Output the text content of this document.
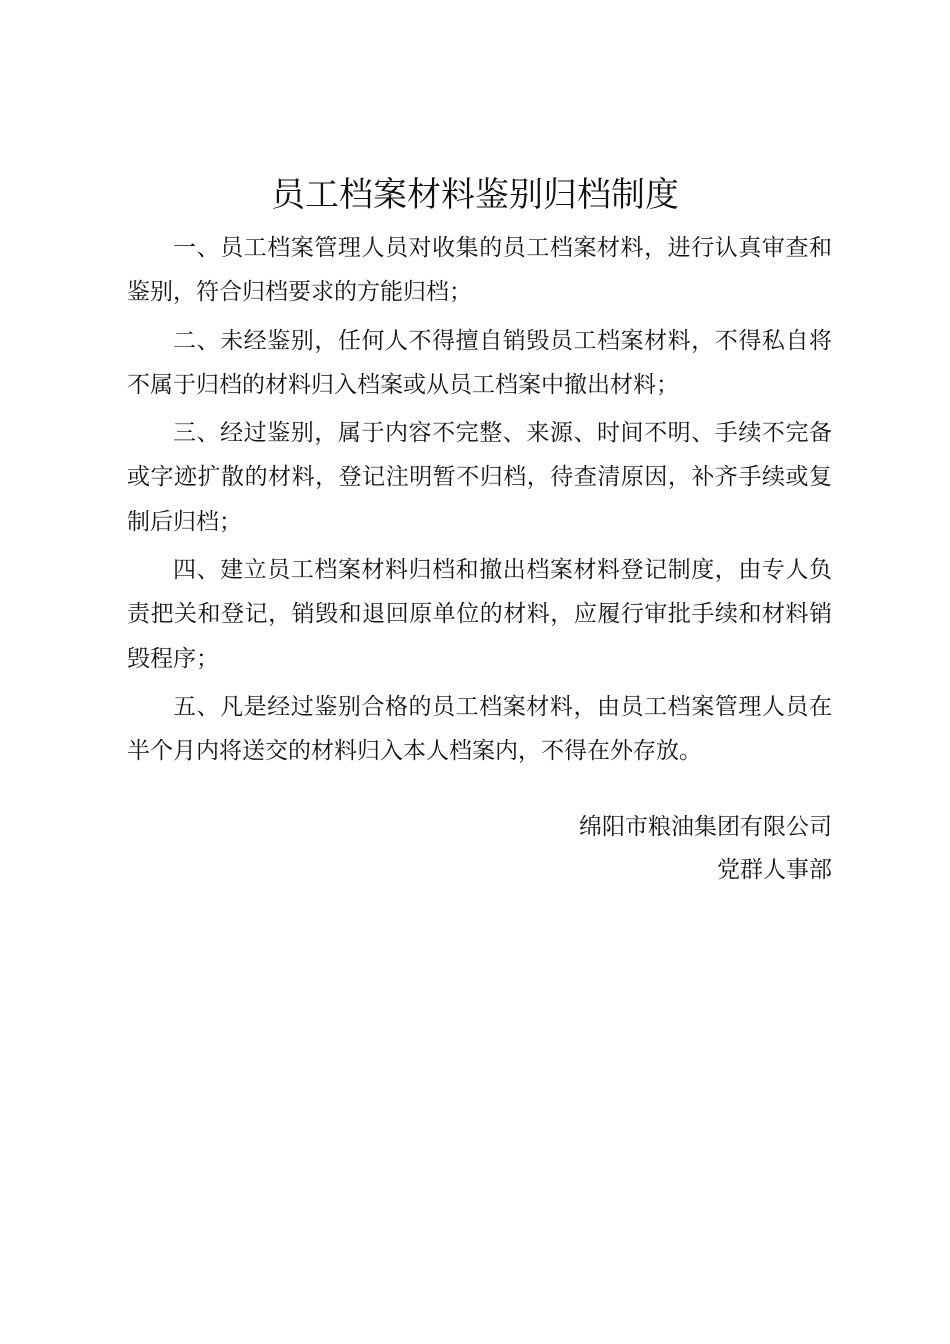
员工档案材料鉴别归档制度

一、员工档案管理人员对收集的员工档案材料，进行认真审查和鉴别，符合归档要求的方能归档；

二、未经鉴别，任何人不得擅自销毁员工档案材料，不得私自将不属于归档的材料归入档案或从员工档案中撤出材料；

三、经过鉴别，属于内容不完整、来源、时间不明、手续不完备或字迹扩散的材料，登记注明暂不归档，待查清原因，补齐手续或复制后归档；

四、建立员工档案材料归档和撤出档案材料登记制度，由专人负责把关和登记，销毁和退回原单位的材料，应履行审批手续和材料销毁程序；

五、凡是经过鉴别合格的员工档案材料，由员工档案管理人员在半个月内将送交的材料归入本人档案内，不得在外存放。

绵阳市粮油集团有限公司
党群人事部
